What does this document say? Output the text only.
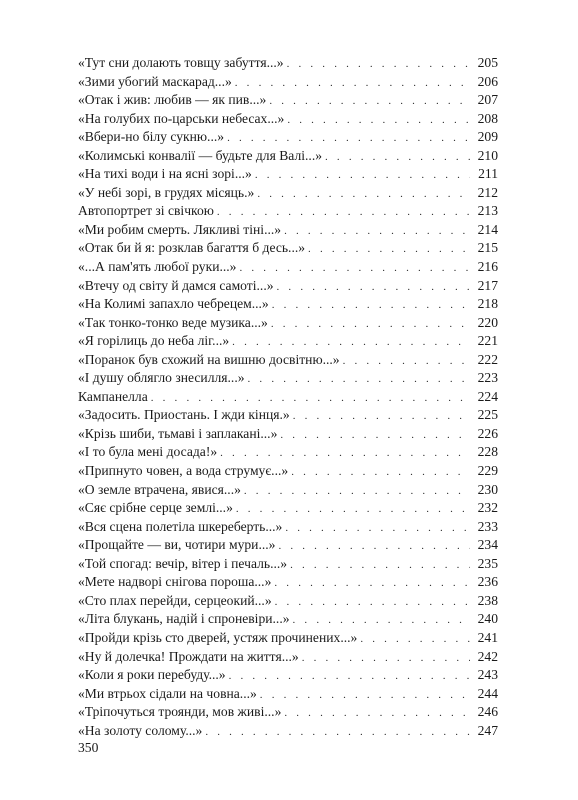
«Тут сни долають товщу забуття...» . . .	205
«Зими убогий маскарад...» . . .	206
«Отак і жив: любив — як пив...» . . .	207
«На голубих по-царськи небесах...» . . .	208
«Вбери-но білу сукню...» . . .	209
«Колимські конвалії — будьте для Валі...» . . .	210
«На тихі води і на ясні зорі...» . . .	211
«У небі зорі, в грудях місяць.» . . .	212
Автопортрет зі свічкою . . .	213
«Ми робим смерть. Лякливі тіні...» . . .	214
«Отак би й я: розклав багаття б десь...» . . .	215
«...А пам'ять любої руки...» . . .	216
«Втечу од світу й дамся самоті...» . . .	217
«На Колимі запахло чебрецем...» . . .	218
«Так тонко-тонко веде музика...» . . .	220
«Я горілиць до неба ліг...» . . .	221
«Поранок був схожий на вишню досвітню...» . . .	222
«І душу облягло знесилля...» . . .	223
Кампанелла . . .	224
«Задосить. Приостань. І жди кінця.» . . .	225
«Крізь шиби, тьмаві і заплакані...» . . .	226
«І то була мені досада!» . . .	228
«Припнуто човен, а вода струмує...» . . .	229
«О земле втрачена, явися...» . . .	230
«Сяє срібне серце землі...» . . .	232
«Вся сцена полетіла шкереберть...» . . .	233
«Прощайте — ви, чотири мури...» . . .	234
«Той спогад: вечір, вітер і печаль...» . . .	235
«Мете надворі снігова пороша...» . . .	236
«Сто плах перейди, серцеокий...» . . .	238
«Літа блукань, надій і спроневіри...» . . .	240
«Пройди крізь сто дверей, устяж прочинених...» . . .	241
«Ну й долечка! Прождати на життя...» . . .	242
«Коли я роки перебуду...» . . .	243
«Ми втрьох сідали на човна...» . . .	244
«Тріпочуться троянди, мов живі...» . . .	246
«На золоту солому...» . . .	247
350
